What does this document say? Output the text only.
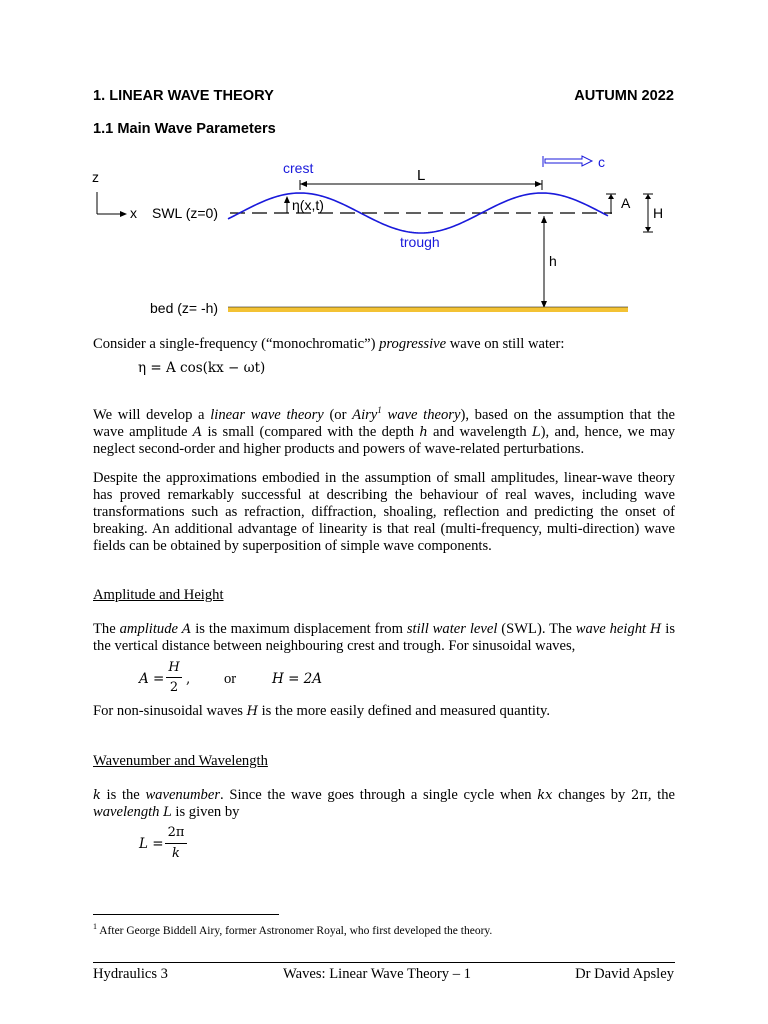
1. LINEAR WAVE THEORY	AUTUMN 2022
1.1 Main Wave Parameters
z
x SWL (z=0)
crest
trough
L
c
η(x,t)	A
H
h
bed (z= -h)

Consider a single-frequency (“monochromatic”) progressive wave on still water:

η = A cos(kx − ωt)

We will develop a linear wave theory (or Airy$^1$ wave theory), based on the assumption that the wave amplitude A is small (compared with the depth h and wavelength L), and, hence, we may neglect second-order and higher products and powers of wave-related perturbations.

Despite the approximations embodied in the assumption of small amplitudes, linear-wave theory has proved remarkably successful at describing the behaviour of real waves, including wave transformations such as refraction, diffraction, shoaling, reflection and predicting the onset of breaking. An additional advantage of linearity is that real (multi-frequency, multi-direction) wave fields can be obtained by superposition of simple wave components.

Amplitude and Height

The amplitude A is the maximum displacement from still water level (SWL). The wave height H is the vertical distance between neighbouring crest and trough. For sinusoidal waves,

A =
H
2
, or	H = 2A

For non-sinusoidal waves H is the more easily defined and measured quantity.

Wavenumber and Wavelength

k is the wavenumber. Since the wave goes through a single cycle when kx changes by 2π, the wavelength L is given by

L =
2π
k
$^1$ After George Biddell Airy, former Astronomer Royal, who first developed the theory.
Hydraulics 3	Waves: Linear Wave Theory – 1	Dr David Apsley
